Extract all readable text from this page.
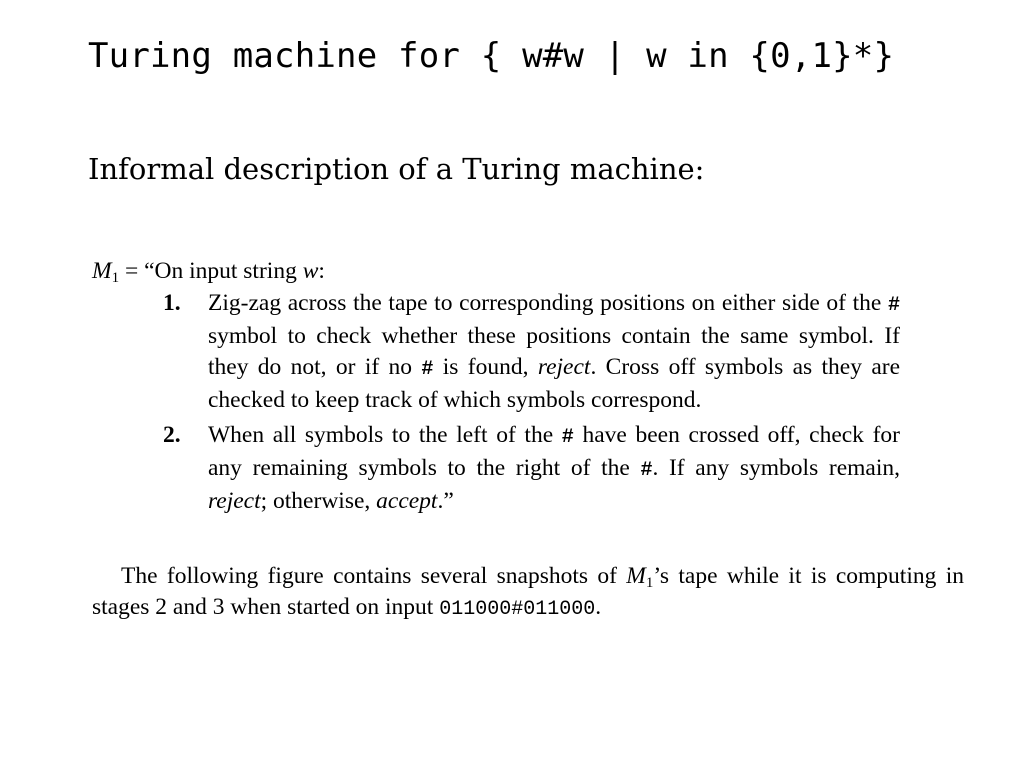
Turing machine for { w#w | w in {0,1}*}
Informal description of a Turing machine:
$M_1$ = “On input string w:
1. Zig-zag across the tape to corresponding positions on either side of the # symbol to check whether these positions contain the same symbol. If they do not, or if no # is found, reject. Cross off symbols as they are checked to keep track of which symbols correspond.
2. When all symbols to the left of the # have been crossed off, check for any remaining symbols to the right of the #. If any symbols remain, reject; otherwise, accept.”
The following figure contains several snapshots of $M_1’s$ tape while it is computing in stages 2 and 3 when started on input 011000#011000.
